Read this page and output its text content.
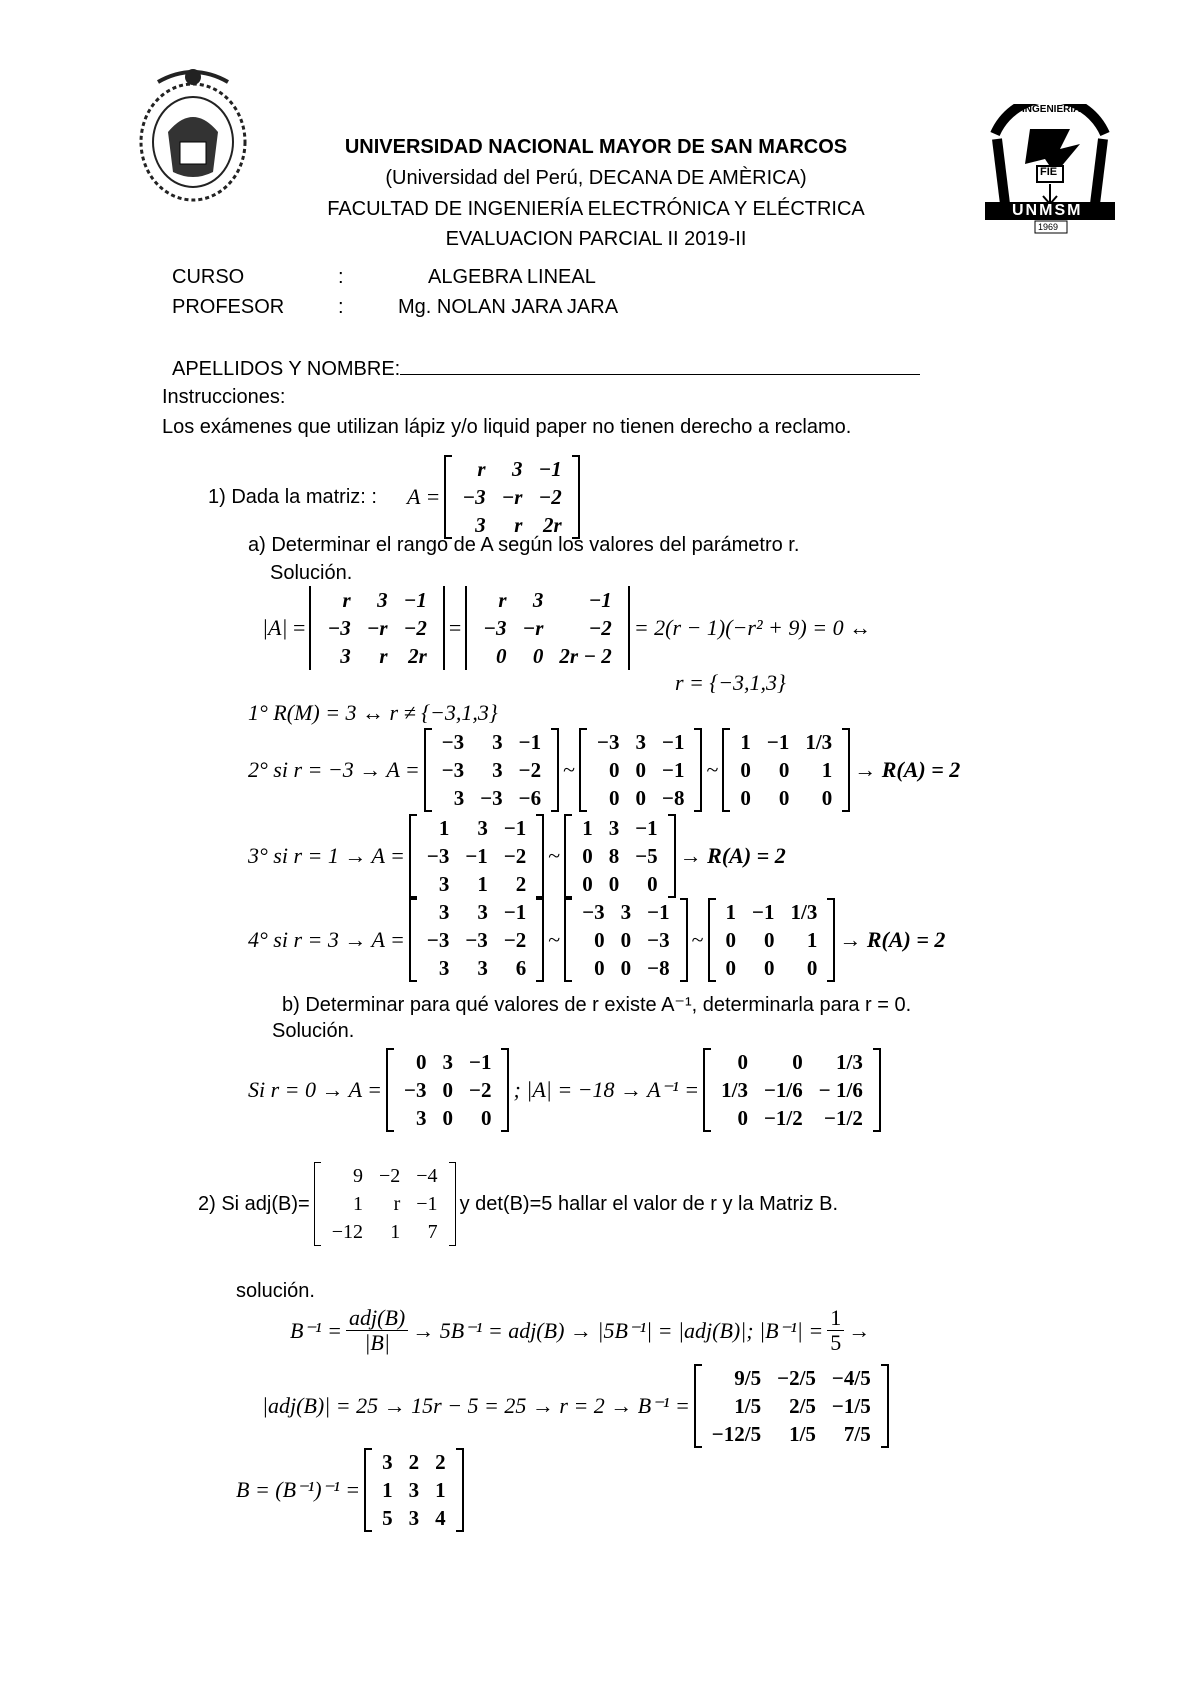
INGENIERIA
FIE
UNMSM
1969
UNIVERSIDAD NACIONAL MAYOR DE SAN MARCOS
(Universidad del Perú, DECANA DE AMÈRICA)
FACULTAD DE INGENIERÍA ELECTRÓNICA Y ELÉCTRICA
EVALUACION PARCIAL II 2019-II
CURSO	:	ALGEBRA LINEAL
PROFESOR	:	Mg. NOLAN JARA JARA
APELLIDOS Y NOMBRE:
Instrucciones:
Los exámenes que utilizan lápiz y/o liquid paper no tienen derecho a reclamo.
1) Dada la matriz: : A =
r	3 −1
−3 −r −2
3	r 2r
a) Determinar el rango de A según los valores del parámetro r.
Solución.
|A| =
r	3 −1
−3 −r −2
3	r 2r
=
r	3	−1
−3 −r	−2
0	0 2r − 2
= 2(r − 1)(−r² + 9) = 0 ↔
r = {−3,1,3}
1° R(M) = 3 ↔ r ≠ {−3,1,3}
2° si r = −3 → A =
−3	3 −1
−3	3 −2
3 −3 −6
~
−3 3 −1
0 0 −1
0 0 −8
~
1 −1 1/3
0	0	1
0	0	0
→ R(A) = 2
3° si r = 1 → A =
1	3 −1
−3 −1 −2
3	1	2
~
1 3 −1
0 8 −5
0 0	0
→ R(A) = 2
4° si r = 3 → A =
3	3 −1
−3 −3 −2
3	3	6
~
−3 3 −1
0 0 −3
0 0 −8
~
1 −1 1/3
0	0	1
0	0	0
→ R(A) = 2
b) Determinar para qué valores de r existe A⁻¹, determinarla para r = 0.
Solución.
Si r = 0 → A =
0 3 −1
−3 0 −2
3 0	0
; |A| = −18 → A⁻¹ =
0	0	1/3
1/3 −1/6 − 1/6
0 −1/2	−1/2
2) Si adj(B)=
9 −2 −4
1	r −1
−12	1	7
y det(B)=5 hallar el valor de r y la Matriz B.
solución.
$B^{-1} = \frac{\text{adj(B)}}{|B|} \to 5B^{-1} = adj(B) \to |5B^{-1}| = |adj(B)|$; $|B^{-1}| = \frac{1}{5}$ →
|adj(B)| = 25 → 15r − 5 = 25 → r = 2 → B⁻¹ =
9/5 −2/5 −4/5
1/5	2/5 −1/5
−12/5	1/5	7/5
B = (B⁻¹)⁻¹ =
3 2 2
1 3 1
5 3 4
